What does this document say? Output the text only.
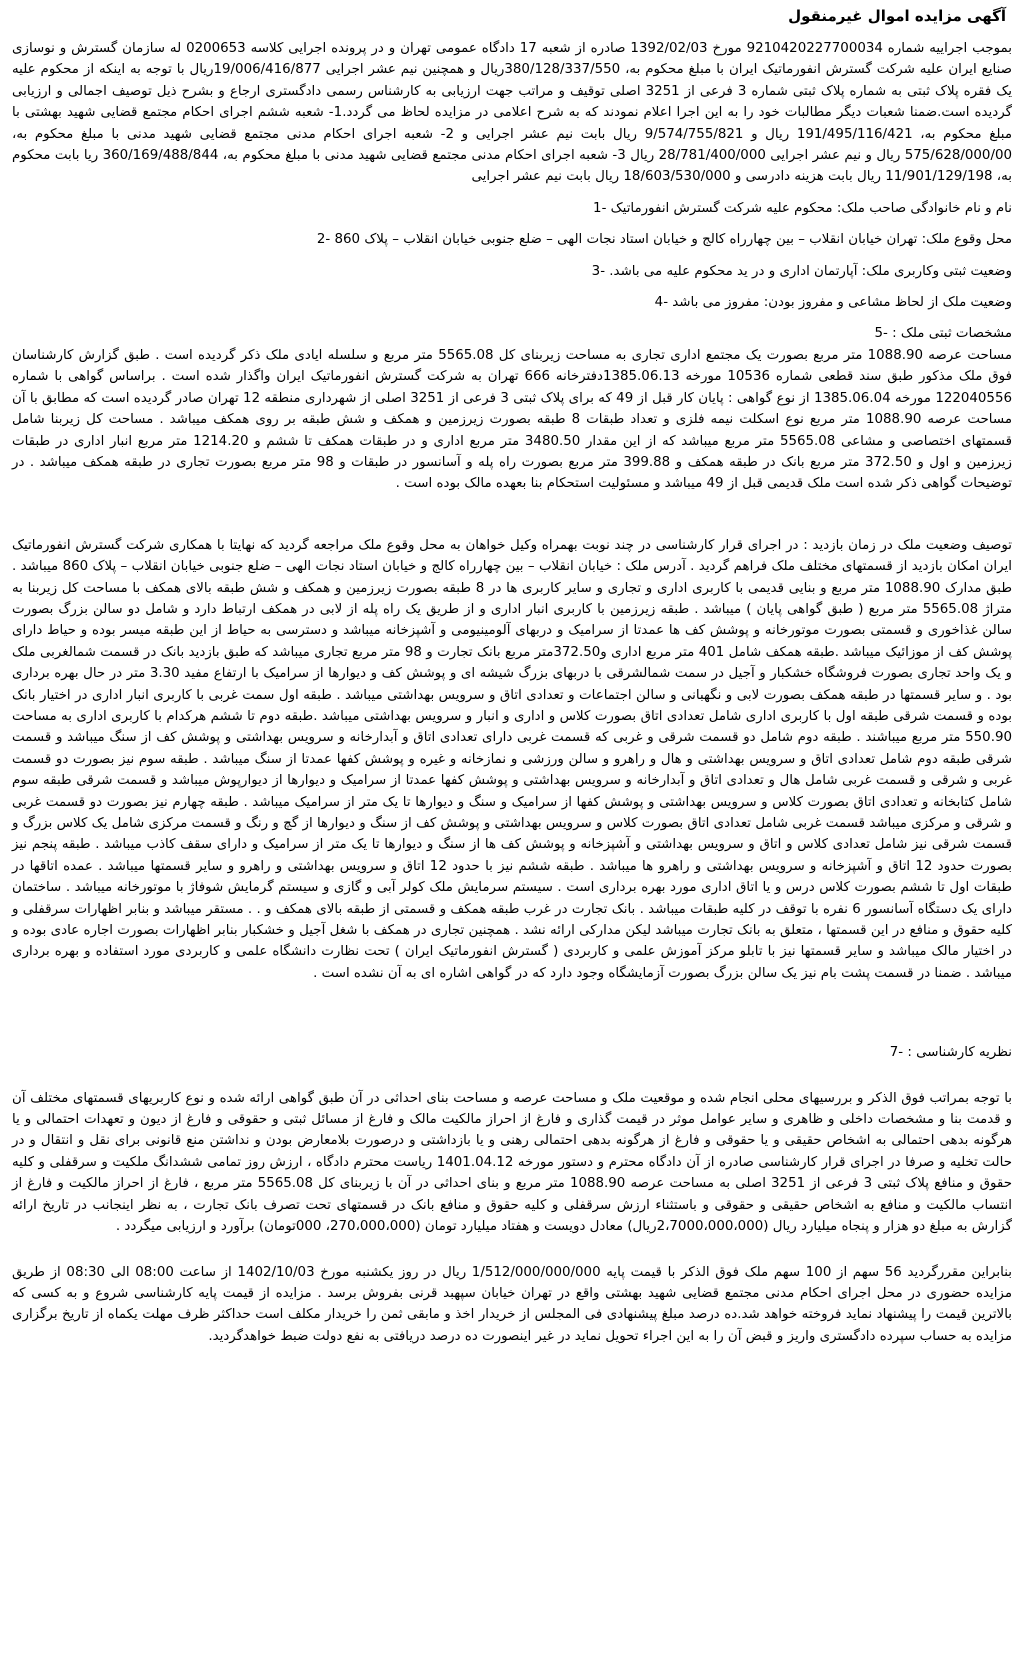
آگهی مزایده اموال غیرمنقول

بموجب اجراییه شماره 9210420227700034 مورخ 1392/02/03 صادره از شعبه 17 دادگاه عمومی تهران و در پرونده اجرایی کلاسه 0200653 له سازمان گسترش و نوسازی صنایع ایران علیه شرکت گسترش انفورماتیک ایران با مبلغ محکوم به، 380/128/337/550ریال و همچنین نیم عشر اجرایی 19/006/416/877ریال با توجه به اینکه از محکوم علیه یک فقره پلاک ثبتی به شماره پلاک ثبتی شماره 3 فرعی از 3251 اصلی توقیف و مراتب جهت ارزیابی به کارشناس رسمی دادگستری ارجاع و بشرح ذیل توصیف اجمالی و ارزیابی گردیده است.ضمنا شعبات دیگر مطالبات خود را به این اجرا اعلام نمودند که به شرح اعلامی در مزایده لحاظ می گردد.1- شعبه ششم اجرای احکام مجتمع قضایی شهید بهشتی با مبلغ محکوم به، 191/495/116/421 ریال و 9/574/755/821 ریال بابت نیم عشر اجرایی و 2- شعبه اجرای احکام مدنی مجتمع قضایی شهید مدنی با مبلغ محکوم به، 575/628/000/00 ریال و نیم عشر اجرایی 28/781/400/000 ریال 3- شعبه اجرای احکام مدنی مجتمع قضایی شهید مدنی با مبلغ محکوم به، 360/169/488/844 ریا بابت محکوم به، 11/901/129/198 ریال بابت هزینه دادرسی و 18/603/530/000 ریال بابت نیم عشر اجرایی

نام و نام خانوادگی صاحب ملک: محکوم علیه شرکت گسترش انفورماتیک -1

محل وقوع ملک: تهران خیابان انقلاب – بین چهارراه کالج و خیابان استاد نجات الهی – ضلع جنوبی خیابان انقلاب – پلاک 860 -2

وضعیت ثبتی وکاربری ملک: آپارتمان اداری و در ید محکوم علیه می باشد. -3

وضعیت ملک از لحاظ مشاعی و مفروز بودن: مفروز می باشد -4

مشخصات ثبتی ملک : -5

مساحت عرصه 1088.90 متر مربع بصورت یک مجتمع اداری تجاری به مساحت زیربنای کل 5565.08 متر مربع و سلسله ایادی ملک ذکر گردیده است . طبق گزارش کارشناسان فوق ملک مذکور طبق سند قطعی شماره 10536 مورخه 1385.06.13دفترخانه 666 تهران به شرکت گسترش انفورماتیک ایران واگذار شده است . براساس گواهی با شماره 122040556 مورخه 1385.06.04 از نوع گواهی : پایان کار قبل از 49 که برای پلاک ثبتی 3 فرعی از 3251 اصلی از شهرداری منطقه 12 تهران صادر گردیده است که مطابق با آن مساحت عرصه 1088.90 متر مربع نوع اسکلت نیمه فلزی و تعداد طبقات 8 طبقه بصورت زیرزمین و همکف و شش طبقه بر روی همکف میباشد . مساحت کل زیربنا شامل قسمتهای اختصاصی و مشاعی 5565.08 متر مربع میباشد که از این مقدار 3480.50 متر مربع اداری و در طبقات همکف تا ششم و 1214.20 متر مربع انبار اداری در طبقات زیرزمین و اول و 372.50 متر مربع بانک در طبقه همکف و 399.88 متر مربع بصورت راه پله و آسانسور در طبقات و 98 متر مربع بصورت تجاری در طبقه همکف میباشد . در توضیحات گواهی ذکر شده است ملک قدیمی قبل از 49 میباشد و مسئولیت استحکام بنا بعهده مالک بوده است .

توصیف وضعیت ملک در زمان بازدید : در اجرای قرار کارشناسی در چند نوبت بهمراه وکیل خواهان به محل وقوع ملک مراجعه گردید که نهایتا با همکاری شرکت گسترش انفورماتیک ایران امکان بازدید از قسمتهای مختلف ملک فراهم گردید . آدرس ملک : خیابان انقلاب – بین چهارراه کالج و خیابان استاد نجات الهی – ضلع جنوبی خیابان انقلاب – پلاک 860 میباشد . طبق مدارک 1088.90 متر مربع و بنایی قدیمی با کاربری اداری و تجاری و سایر کاربری ها در 8 طبقه بصورت زیرزمین و همکف و شش طبقه بالای همکف با مساحت کل زیربنا به متراژ 5565.08 متر مربع ( طبق گواهی پایان ) میباشد . طبقه زیرزمین با کاربری انبار اداری و از طریق یک راه پله از لابی در همکف ارتباط دارد و شامل دو سالن بزرگ بصورت سالن غذاخوری و قسمتی بصورت موتورخانه و پوشش کف ها عمدتا از سرامیک و دربهای آلومینیومی و آشپزخانه میباشد و دسترسی به حیاط از این طبقه میسر بوده و حیاط دارای پوشش کف از موزائیک میباشد .طبقه همکف شامل 401 متر مربع اداری و372.50متر مربع بانک تجارت و 98 متر مربع تجاری میباشد که طبق بازدید بانک در قسمت شمالغربی ملک و یک واحد تجاری بصورت فروشگاه خشکبار و آجیل در سمت شمالشرقی با دربهای بزرگ شیشه ای و پوشش کف و دیوارها از سرامیک با ارتفاع مفید 3.30 متر در حال بهره برداری بود . و سایر قسمتها در طبقه همکف بصورت لابی و نگهبانی و سالن اجتماعات و تعدادی اتاق و سرویس بهداشتی میباشد . طبقه اول سمت غربی با کاربری انبار اداری در اختیار بانک بوده و قسمت شرقی طبقه اول با کاربری اداری شامل تعدادی اتاق بصورت کلاس و اداری و انبار و سرویس بهداشتی میباشد .طبقه دوم تا ششم هرکدام با کاربری اداری به مساحت 550.90 متر مربع میباشند . طبقه دوم شامل دو قسمت شرقی و غربی که قسمت غربی دارای تعدادی اتاق و آبدارخانه و سرویس بهداشتی و پوشش کف از سنگ میباشد و قسمت شرقی طبقه دوم شامل تعدادی اتاق و سرویس بهداشتی و هال و راهرو و سالن ورزشی و نمازخانه و غیره و پوشش کفها عمدتا از سنگ میباشد . طبقه سوم نیز بصورت دو قسمت غربی و شرقی و قسمت غربی شامل هال و تعدادی اتاق و آبدارخانه و سرویس بهداشتی و پوشش کفها عمدتا از سرامیک و دیوارها از دیوارپوش میباشد و قسمت شرقی طبقه سوم شامل کتابخانه و تعدادی اتاق بصورت کلاس و سرویس بهداشتی و پوشش کفها از سرامیک و سنگ و دیوارها تا یک متر از سرامیک میباشد . طبقه چهارم نیز بصورت دو قسمت غربی و شرقی و مرکزی میباشد قسمت غربی شامل تعدادی اتاق بصورت کلاس و سرویس بهداشتی و پوشش کف از سنگ و دیوارها از گچ و رنگ و قسمت مرکزی شامل یک کلاس بزرگ و قسمت شرقی نیز شامل تعدادی کلاس و اتاق و سرویس بهداشتی و آشپزخانه و پوشش کف ها از سنگ و دیوارها تا یک متر از سرامیک و دارای سقف کاذب میباشد . طبقه پنجم نیز بصورت حدود 12 اتاق و آشپزخانه و سرویس بهداشتی و راهرو ها میباشد . طبقه ششم نیز با حدود 12 اتاق و سرویس بهداشتی و راهرو و سایر قسمتها میباشد . عمده اتاقها در طبقات اول تا ششم بصورت کلاس درس و یا اتاق اداری مورد بهره برداری است . سیستم سرمایش ملک کولر آبی و گازی و سیستم گرمایش شوفاژ با موتورخانه میباشد . ساختمان دارای یک دستگاه آسانسور 6 نفره با توقف در کلیه طبقات میباشد . بانک تجارت در غرب طبقه همکف و قسمتی از طبقه بالای همکف و . . مستقر میباشد و بنابر اظهارات سرقفلی و کلیه حقوق و منافع در این قسمتها ، متعلق به بانک تجارت میباشد لیکن مدارکی ارائه نشد . همچنین تجاری در همکف با شغل آجیل و خشکبار بنابر اظهارات بصورت اجاره عادی بوده و در اختیار مالک میباشد و سایر قسمتها نیز با تابلو مرکز آموزش علمی و کاربردی ( گسترش انفورماتیک ایران ) تحت نظارت دانشگاه علمی و کاربردی مورد استفاده و بهره برداری میباشد . ضمنا در قسمت پشت بام نیز یک سالن بزرگ بصورت آزمایشگاه وجود دارد که در گواهی اشاره ای به آن نشده است .

نظریه کارشناسی : -7

با توجه بمراتب فوق الذکر و بررسیهای محلی انجام شده و موقعیت ملک و مساحت عرصه و مساحت بنای احداثی در آن طبق گواهی ارائه شده و نوع کاربریهای قسمتهای مختلف آن و قدمت بنا و مشخصات داخلی و ظاهری و سایر عوامل موثر در قیمت گذاری و فارغ از احراز مالکیت مالک و فارغ از مسائل ثبتی و حقوقی و فارغ از دیون و تعهدات احتمالی و یا هرگونه بدهی احتمالی به اشخاص حقیقی و یا حقوقی و فارغ از هرگونه بدهی احتمالی رهنی و یا بازداشتی و درصورت بلامعارض بودن و نداشتن منع قانونی برای نقل و انتقال و در حالت تخلیه و صرفا در اجرای قرار کارشناسی صادره از آن دادگاه محترم و دستور مورخه 1401.04.12 ریاست محترم دادگاه ، ارزش روز تمامی ششدانگ ملکیت و سرقفلی و کلیه حقوق و منافع پلاک ثبتی 3 فرعی از 3251 اصلی به مساحت عرصه 1088.90 متر مربع و بنای احداثی در آن با زیربنای کل 5565.08 متر مربع ، فارغ از احراز مالکیت و فارغ از انتساب مالکیت و منافع به اشخاص حقیقی و حقوقی و باستثناء ارزش سرقفلی و کلیه حقوق و منافع بانک در قسمتهای تحت تصرف بانک تجارت ، به نظر اینجانب در تاریخ ارائه گزارش به مبلغ دو هزار و پنجاه میلیارد ریال (2،7000،000،000ریال) معادل دویست و هفتاد میلیارد تومان (270،000،000، 000تومان) برآورد و ارزیابی میگردد .

بنابراین مقررگردید 56 سهم از 100 سهم ملک فوق الذکر با قیمت پایه 1/512/000/000/000 ریال در روز یکشنبه مورخ 1402/10/03 از ساعت 08:00 الی 08:30 از طریق مزایده حضوری در محل اجرای احکام مدنی مجتمع قضایی شهید بهشتی واقع در تهران خیابان سپهبد قرنی بفروش برسد . مزایده از قیمت پایه کارشناسی شروع و به کسی که بالاترین قیمت را پیشنهاد نماید فروخته خواهد شد.ده درصد مبلغ پیشنهادی فی المجلس از خریدار اخذ و مابقی ثمن را خریدار مکلف است حداکثر ظرف مهلت یکماه از تاریخ برگزاری مزایده به حساب سپرده دادگستری واریز و قبض آن را به این اجراء تحویل نماید در غیر اینصورت ده درصد دریافتی به نفع دولت ضبط خواهدگردید.
